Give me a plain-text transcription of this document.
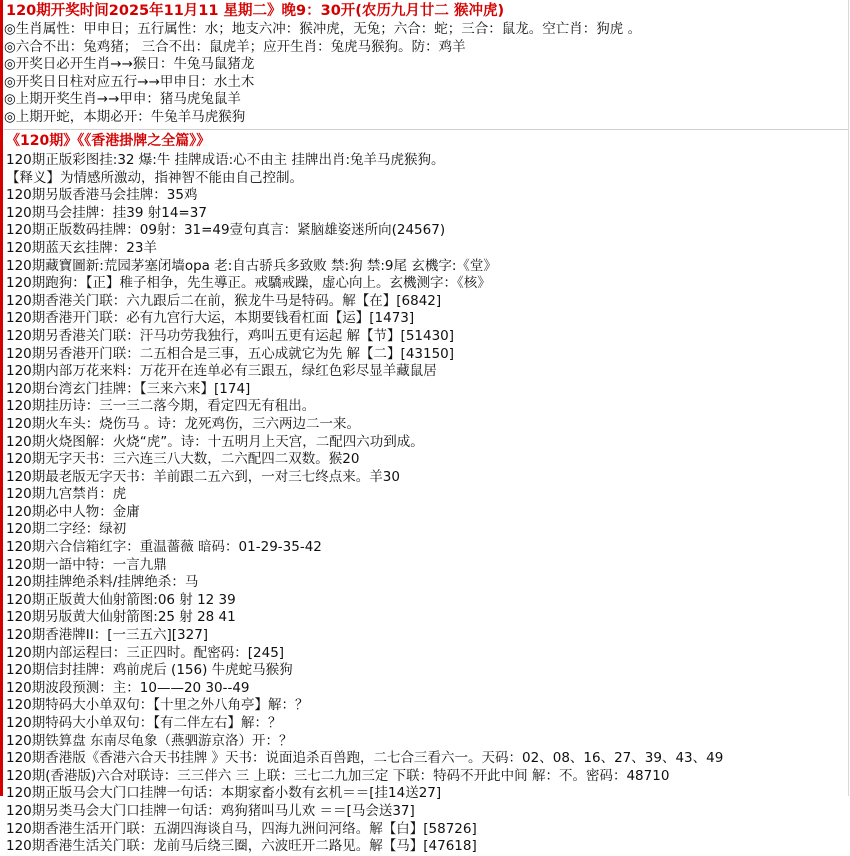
120期开奖时间2025年11月11 星期二》晚9：30开(农历九月廿二 猴冲虎)
◎生肖属性：甲申日；五行属性：水；地支六冲：猴冲虎，无兔；六合：蛇；三合：鼠龙。空亡肖：狗虎 。
◎六合不出：兔鸡猪； 三合不出：鼠虎羊；应开生肖：兔虎马猴狗。防：鸡羊
◎开奖日必开生肖→→猴日：牛兔马鼠猪龙
◎开奖日日柱对应五行→→甲申日：水土木
◎上期开奖生肖→→甲申：猪马虎兔鼠羊
◎上期开蛇，本期必开：牛兔羊马虎猴狗
《120期》《《香港掛牌之全篇》》
120期正版彩图挂:32 爆:牛 挂牌成语:心不由主 挂牌出肖:兔羊马虎猴狗。
【释义】为情感所激动，指神智不能由自己控制。
120期另版香港马会挂牌：35鸡
120期马会挂牌：挂39 射14=37
120期正版数码挂牌：09射：31=49壹句真言：紧脑雄姿迷所向(24567)
120期蓝天玄挂牌：23羊
120期藏寶圖新:荒园茅塞闭墙opa 老:自古骄兵多致败 禁:狗 禁:9尾 玄機字:《堂》
120期跑狗：【正】稚子相争，先生導正。戒驕戒躁，虚心向上。玄機测字：《核》
120期香港关门联：六九跟后二在前，猴龙牛马是特码。解【在】[6842]
120期香港开门联：必有九宫行大运，本期要钱看杠面【运】[1473]
120期另香港关门联：汗马功劳我独行，鸡叫五更有运起 解【节】[51430]
120期另香港开门联：二五相合是三事，五心成就它为先 解【二】[43150]
120期内部万花来料：万花开在连单必有三跟五，绿红色彩尽显羊藏鼠居
120期台湾玄门挂牌：【三来六来】[174]
120期挂历诗：三一三二落今期，看定四无有租出。
120期火车头：烧伤马 。诗：龙死鸡伤，三六两边二一来。
120期火烧图解：火烧“虎”。诗：十五明月上天宫，二配四六功到成。
120期无字天书：三六连三八大数，二六配四二双数。猴20
120期最老版无字天书：羊前跟二五六到，一对三七终点来。羊30
120期九宫禁肖：虎
120期必中人物：金庸
120期二字经：绿初
120期六合信箱红字：重温薔薇 暗码：01-29-35-42
120期一語中特：一言九鼎
120期挂牌绝杀料/挂牌绝杀：马
120期正版黄大仙射箭图:06 射 12 39
120期另版黄大仙射箭图:25 射 28 41
120期香港牌II：[一三五六][327]
120期内部运程曰：三正四时。配密码：[245]
120期信封挂牌：鸡前虎后 (156) 牛虎蛇马猴狗
120期波段预测：主：10——20 30--49
120期特码大小单双句：【十里之外八角亭】解：？
120期特码大小单双句：【有二伴左右】解：？
120期铁算盘 东南尽龟象（燕驷游京洛）开：？
120期香港版《香港六合天书挂牌 》天书：说面追杀百兽跑，二七合三看六一。天码：02、08、16、27、39、43、49
120期(香港版)六合对联诗：三三伴六 三 上联：三七二九加三定 下联：特码不开此中间 解：不。密码：48710
120期正版马会大门口挂牌一句话：本期家畜小数有玄机＝＝[挂14送27]
120期另类马会大门口挂牌一句话：鸡狗猪叫马儿欢 ＝＝[马会送37]
120期香港生活开门联：五湖四海谈自马，四海九洲问河络。解【白】[58726]
120期香港生活关门联：龙前马后绕三圈，六波旺开二路见。解【马】[47618]
